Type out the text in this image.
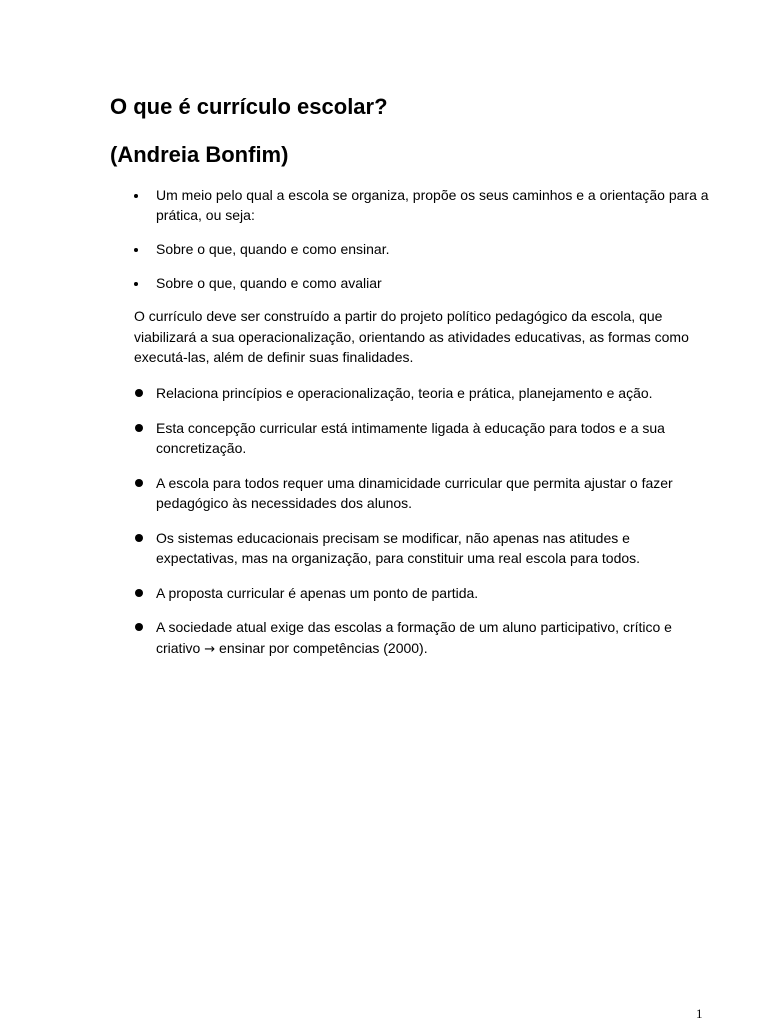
O que é currículo escolar?
(Andreia Bonfim)
Um meio pelo qual a escola se organiza, propõe os seus caminhos e a orientação para a prática, ou seja:
Sobre o que, quando e como ensinar.
Sobre o que, quando e como avaliar

O currículo deve ser construído a partir do projeto político pedagógico da escola, que viabilizará a sua operacionalização, orientando as atividades educativas, as formas como executá-las, além de definir suas finalidades.

Relaciona princípios e operacionalização, teoria e prática, planejamento e ação.
Esta concepção curricular está intimamente ligada à educação para todos e a sua concretização.
A escola para todos requer uma dinamicidade curricular que permita ajustar o fazer pedagógico às necessidades dos alunos.
Os sistemas educacionais precisam se modificar, não apenas nas atitudes e expectativas, mas na organização, para constituir uma real escola para todos.
A proposta curricular é apenas um ponto de partida.
A sociedade atual exige das escolas a formação de um aluno participativo, crítico e criativo → ensinar por competências (2000).
1
